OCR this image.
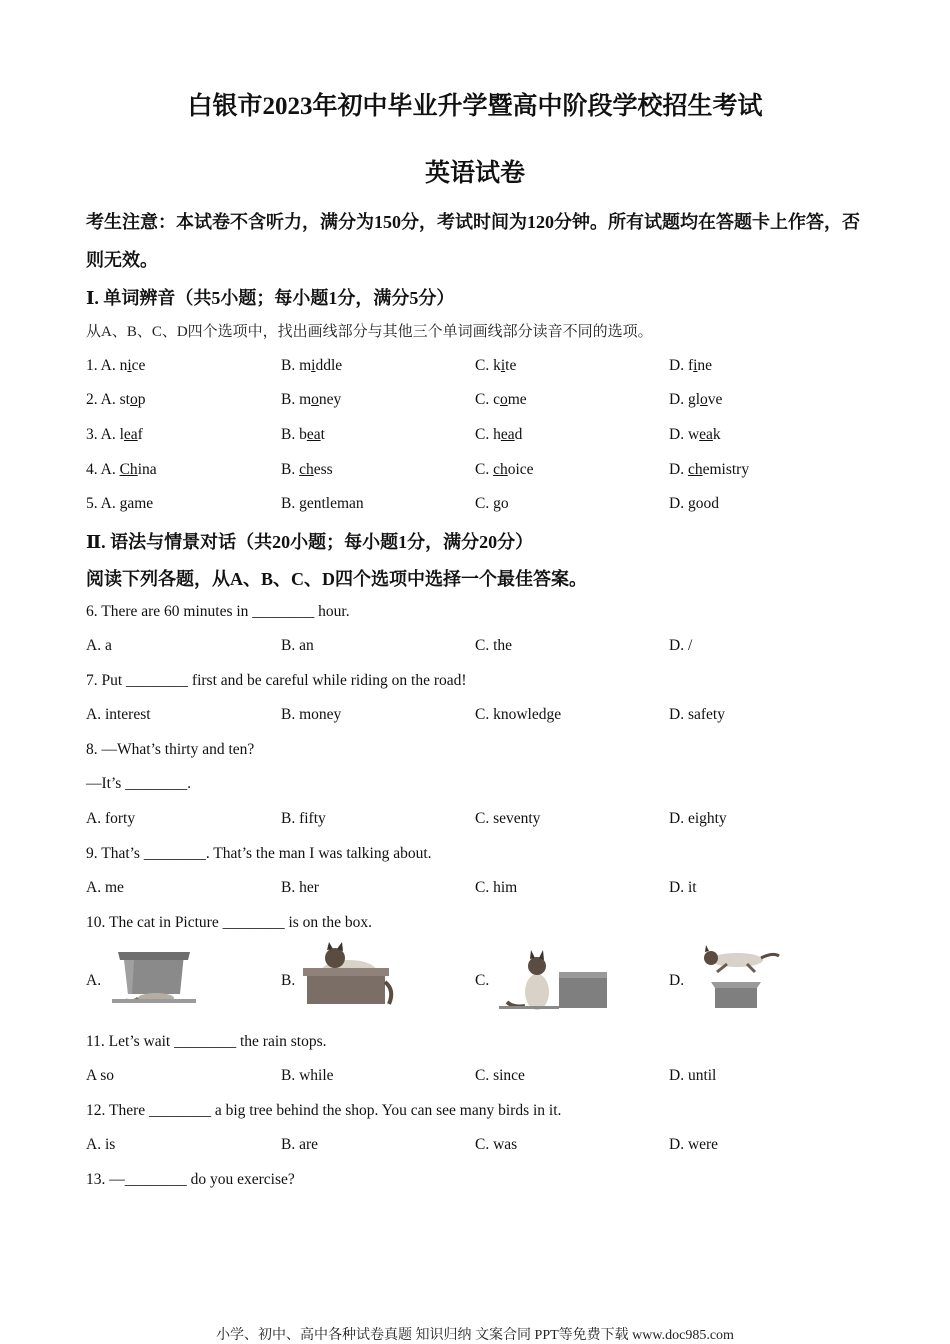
白银市2023年初中毕业升学暨高中阶段学校招生考试
英语试卷
考生注意：本试卷不含听力，满分为150分，考试时间为120分钟。所有试题均在答题卡上作答，否则无效。
Ⅰ. 单词辨音（共5小题；每小题1分，满分5分）
从A、B、C、D四个选项中，找出画线部分与其他三个单词画线部分读音不同的选项。
1. A. nice	B. middle	C. kite	D. fine
2. A. stop	B. money	C. come	D. glove
3. A. leaf	B. beat	C. head	D. weak
4. A. China	B. chess	C. choice	D. chemistry
5. A. game	B. gentleman	C. go	D. good
Ⅱ. 语法与情景对话（共20小题；每小题1分，满分20分）
阅读下列各题，从A、B、C、D四个选项中选择一个最佳答案。
6. There are 60 minutes in ________ hour.
A. a	B. an	C. the	D. /
7. Put ________ first and be careful while riding on the road!
A. interest	B. money	C. knowledge	D. safety
8. —What’s thirty and ten?
—It’s ________.
A. forty	B. fifty	C. seventy	D. eighty
9. That’s ________. That’s the man I was talking about.
A. me	B. her	C. him	D. it
10. The cat in Picture ________ is on the box.
A.	B.	C.	D.
11. Let’s wait ________ the rain stops.
A so	B. while	C. since	D. until
12. There ________ a big tree behind the shop. You can see many birds in it.
A. is	B. are	C. was	D. were
13. —________ do you exercise?
小学、初中、高中各种试卷真题 知识归纳 文案合同 PPT等免费下载 www.doc985.com
